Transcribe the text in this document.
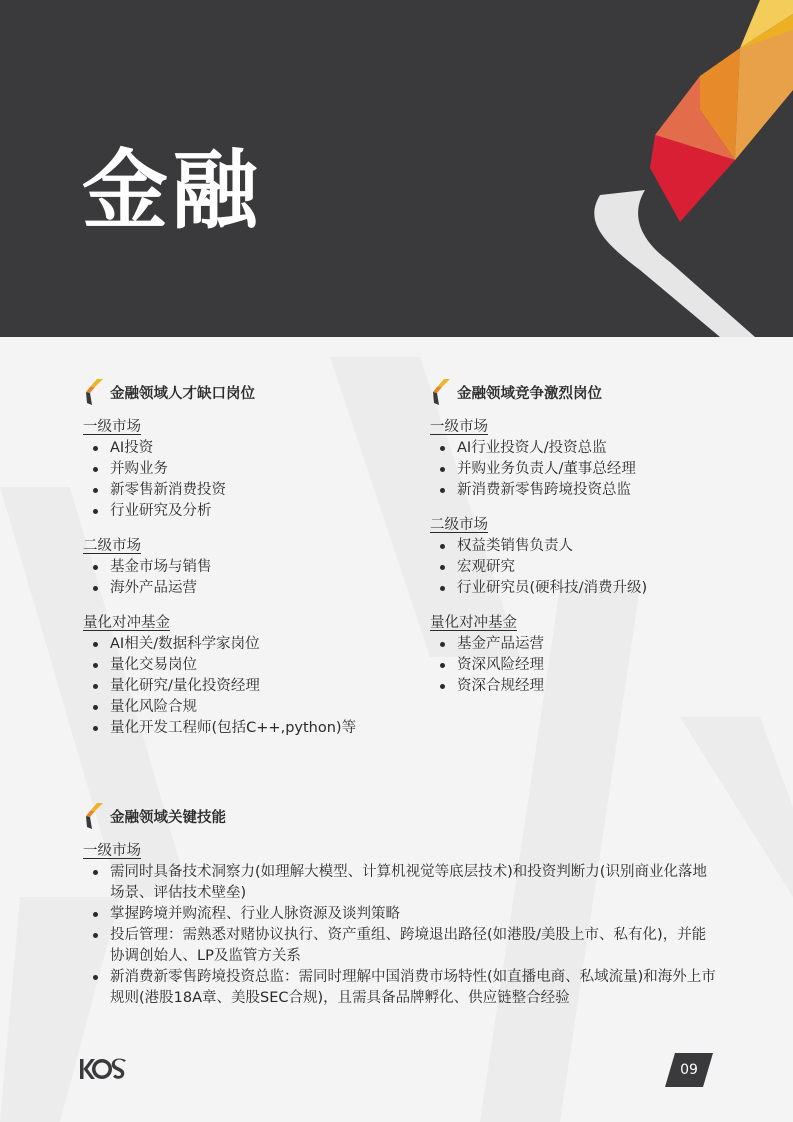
金融
金融领域人才缺口岗位
一级市场
AI投资
并购业务
新零售新消费投资
行业研究及分析
二级市场
基金市场与销售
海外产品运营
量化对冲基金
AI相关/数据科学家岗位
量化交易岗位
量化研究/量化投资经理
量化风险合规
量化开发工程师(包括C++,python)等
金融领域竞争激烈岗位
一级市场
AI行业投资人/投资总监
并购业务负责人/董事总经理
新消费新零售跨境投资总监
二级市场
权益类销售负责人
宏观研究
行业研究员(硬科技/消费升级)
量化对冲基金
基金产品运营
资深风险经理
资深合规经理
金融领域关键技能
一级市场
需同时具备技术洞察力(如理解大模型、计算机视觉等底层技术)和投资判断力(识别商业化落地场景、评估技术壁垒)
掌握跨境并购流程、行业人脉资源及谈判策略
投后管理：需熟悉对赌协议执行、资产重组、跨境退出路径(如港股/美股上市、私有化)，并能协调创始人、LP及监管方关系
新消费新零售跨境投资总监：需同时理解中国消费市场特性(如直播电商、私域流量)和海外上市规则(港股18A章、美股SEC合规)，且需具备品牌孵化、供应链整合经验
09
